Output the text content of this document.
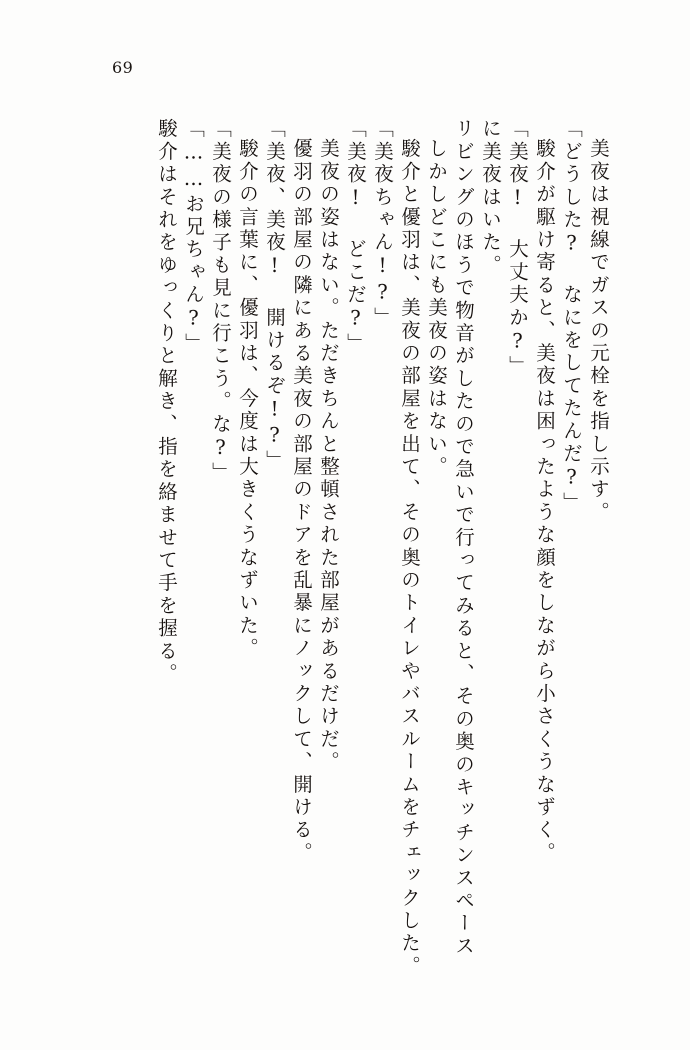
69
駿介はそれをゆっくりと解き、指を絡ませて手を握る。 「……お兄ちゃん?」 「美夜の様子も見に行こう。な?」 駿介の言葉に、優羽は、今度は大きくうなずいた。 「美夜、美夜! 開けるぞ!?」 優羽の部屋の隣にある美夜の部屋のドアを乱暴にノックして、開ける。 美夜の姿はない。ただきちんと整頓された部屋があるだけだ。 「美夜! どこだ?」 「美夜ちゃん!?」 駿介と優羽は、美夜の部屋を出て、その奥のトイレやバスルームをチェックした。 しかしどこにも美夜の姿はない。 リビングのほうで物音がしたので急いで行ってみると、その奥のキッチンスペース に美夜はいた。 「美夜! 大丈夫か?」 駿介が駆け寄ると、美夜は困ったような顔をしながら小さくうなずく。 「どうした? なにをしてたんだ?」 美夜は視線でガスの元栓を指し示す。
